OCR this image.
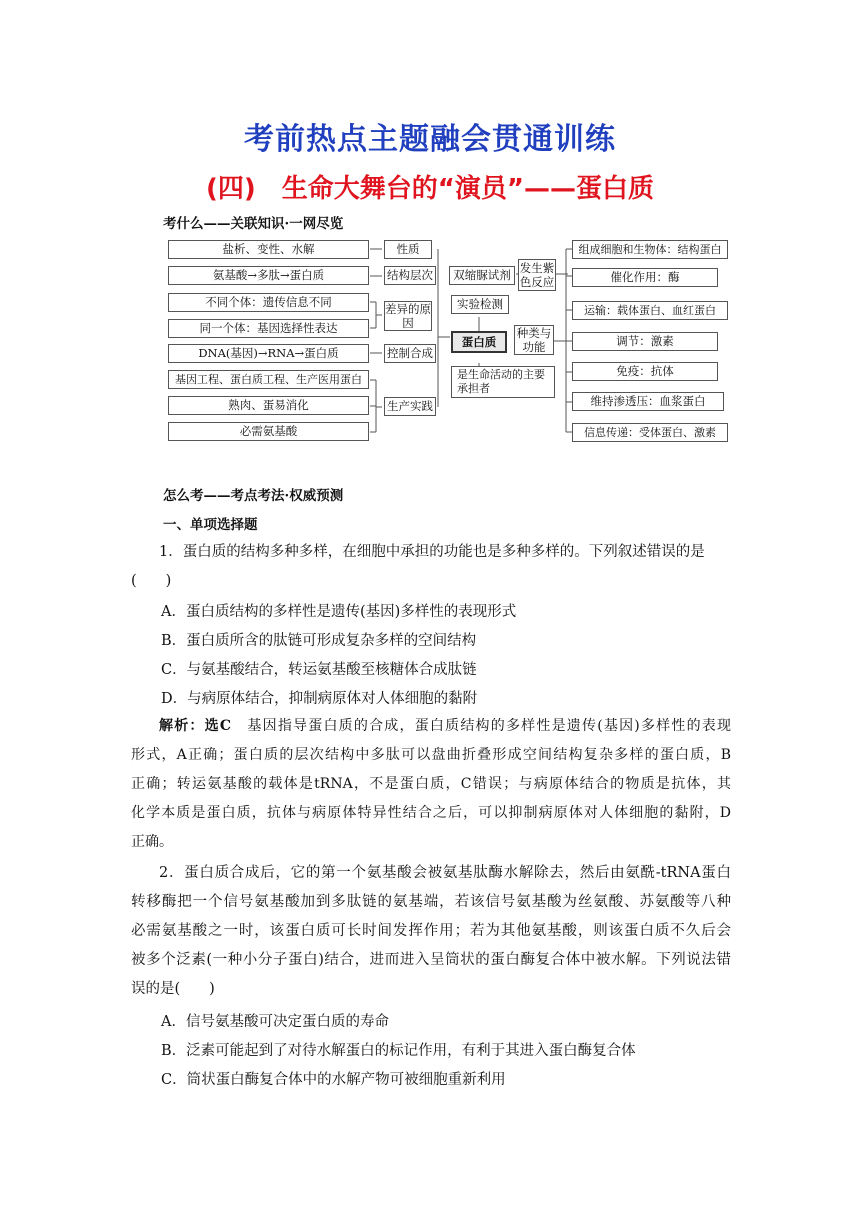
考前热点主题融会贯通训练
(四)　生命大舞台的“演员”——蛋白质
考什么——关联知识·一网尽览
盐析、变性、水解
氨基酸→多肽→蛋白质
不同个体：遗传信息不同
同一个体：基因选择性表达
DNA(基因)→RNA→蛋白质
基因工程、蛋白质工程、生产医用蛋白
熟肉、蛋易消化
必需氨基酸
性质
结构层次
差异的原因
控制合成
生产实践
双缩脲试剂
实验检测
蛋白质
是生命活动的主要承担者
发生紫色反应
种类与功能
组成细胞和生物体：结构蛋白
催化作用：酶
运输：载体蛋白、血红蛋白
调节：激素
免疫：抗体
维持渗透压：血浆蛋白
信息传递：受体蛋白、激素
怎么考——考点考法·权威预测
一、单项选择题
1．蛋白质的结构多种多样，在细胞中承担的功能也是多种多样的。下列叙述错误的是
(　　)
A．蛋白质结构的多样性是遗传(基因)多样性的表现形式
B．蛋白质所含的肽链可形成复杂多样的空间结构
C．与氨基酸结合，转运氨基酸至核糖体合成肽链
D．与病原体结合，抑制病原体对人体细胞的黏附
解析：选C　基因指导蛋白质的合成，蛋白质结构的多样性是遗传(基因)多样性的表现
形式，A正确；蛋白质的层次结构中多肽可以盘曲折叠形成空间结构复杂多样的蛋白质，B
正确；转运氨基酸的载体是tRNA，不是蛋白质，C错误；与病原体结合的物质是抗体，其
化学本质是蛋白质，抗体与病原体特异性结合之后，可以抑制病原体对人体细胞的黏附，D
正确。
2．蛋白质合成后，它的第一个氨基酸会被氨基肽酶水解除去，然后由氨酰-tRNA蛋白
转移酶把一个信号氨基酸加到多肽链的氨基端，若该信号氨基酸为丝氨酸、苏氨酸等八种
必需氨基酸之一时，该蛋白质可长时间发挥作用；若为其他氨基酸，则该蛋白质不久后会
被多个泛素(一种小分子蛋白)结合，进而进入呈筒状的蛋白酶复合体中被水解。下列说法错
误的是(　　)
A．信号氨基酸可决定蛋白质的寿命
B．泛素可能起到了对待水解蛋白的标记作用，有利于其进入蛋白酶复合体
C．筒状蛋白酶复合体中的水解产物可被细胞重新利用
